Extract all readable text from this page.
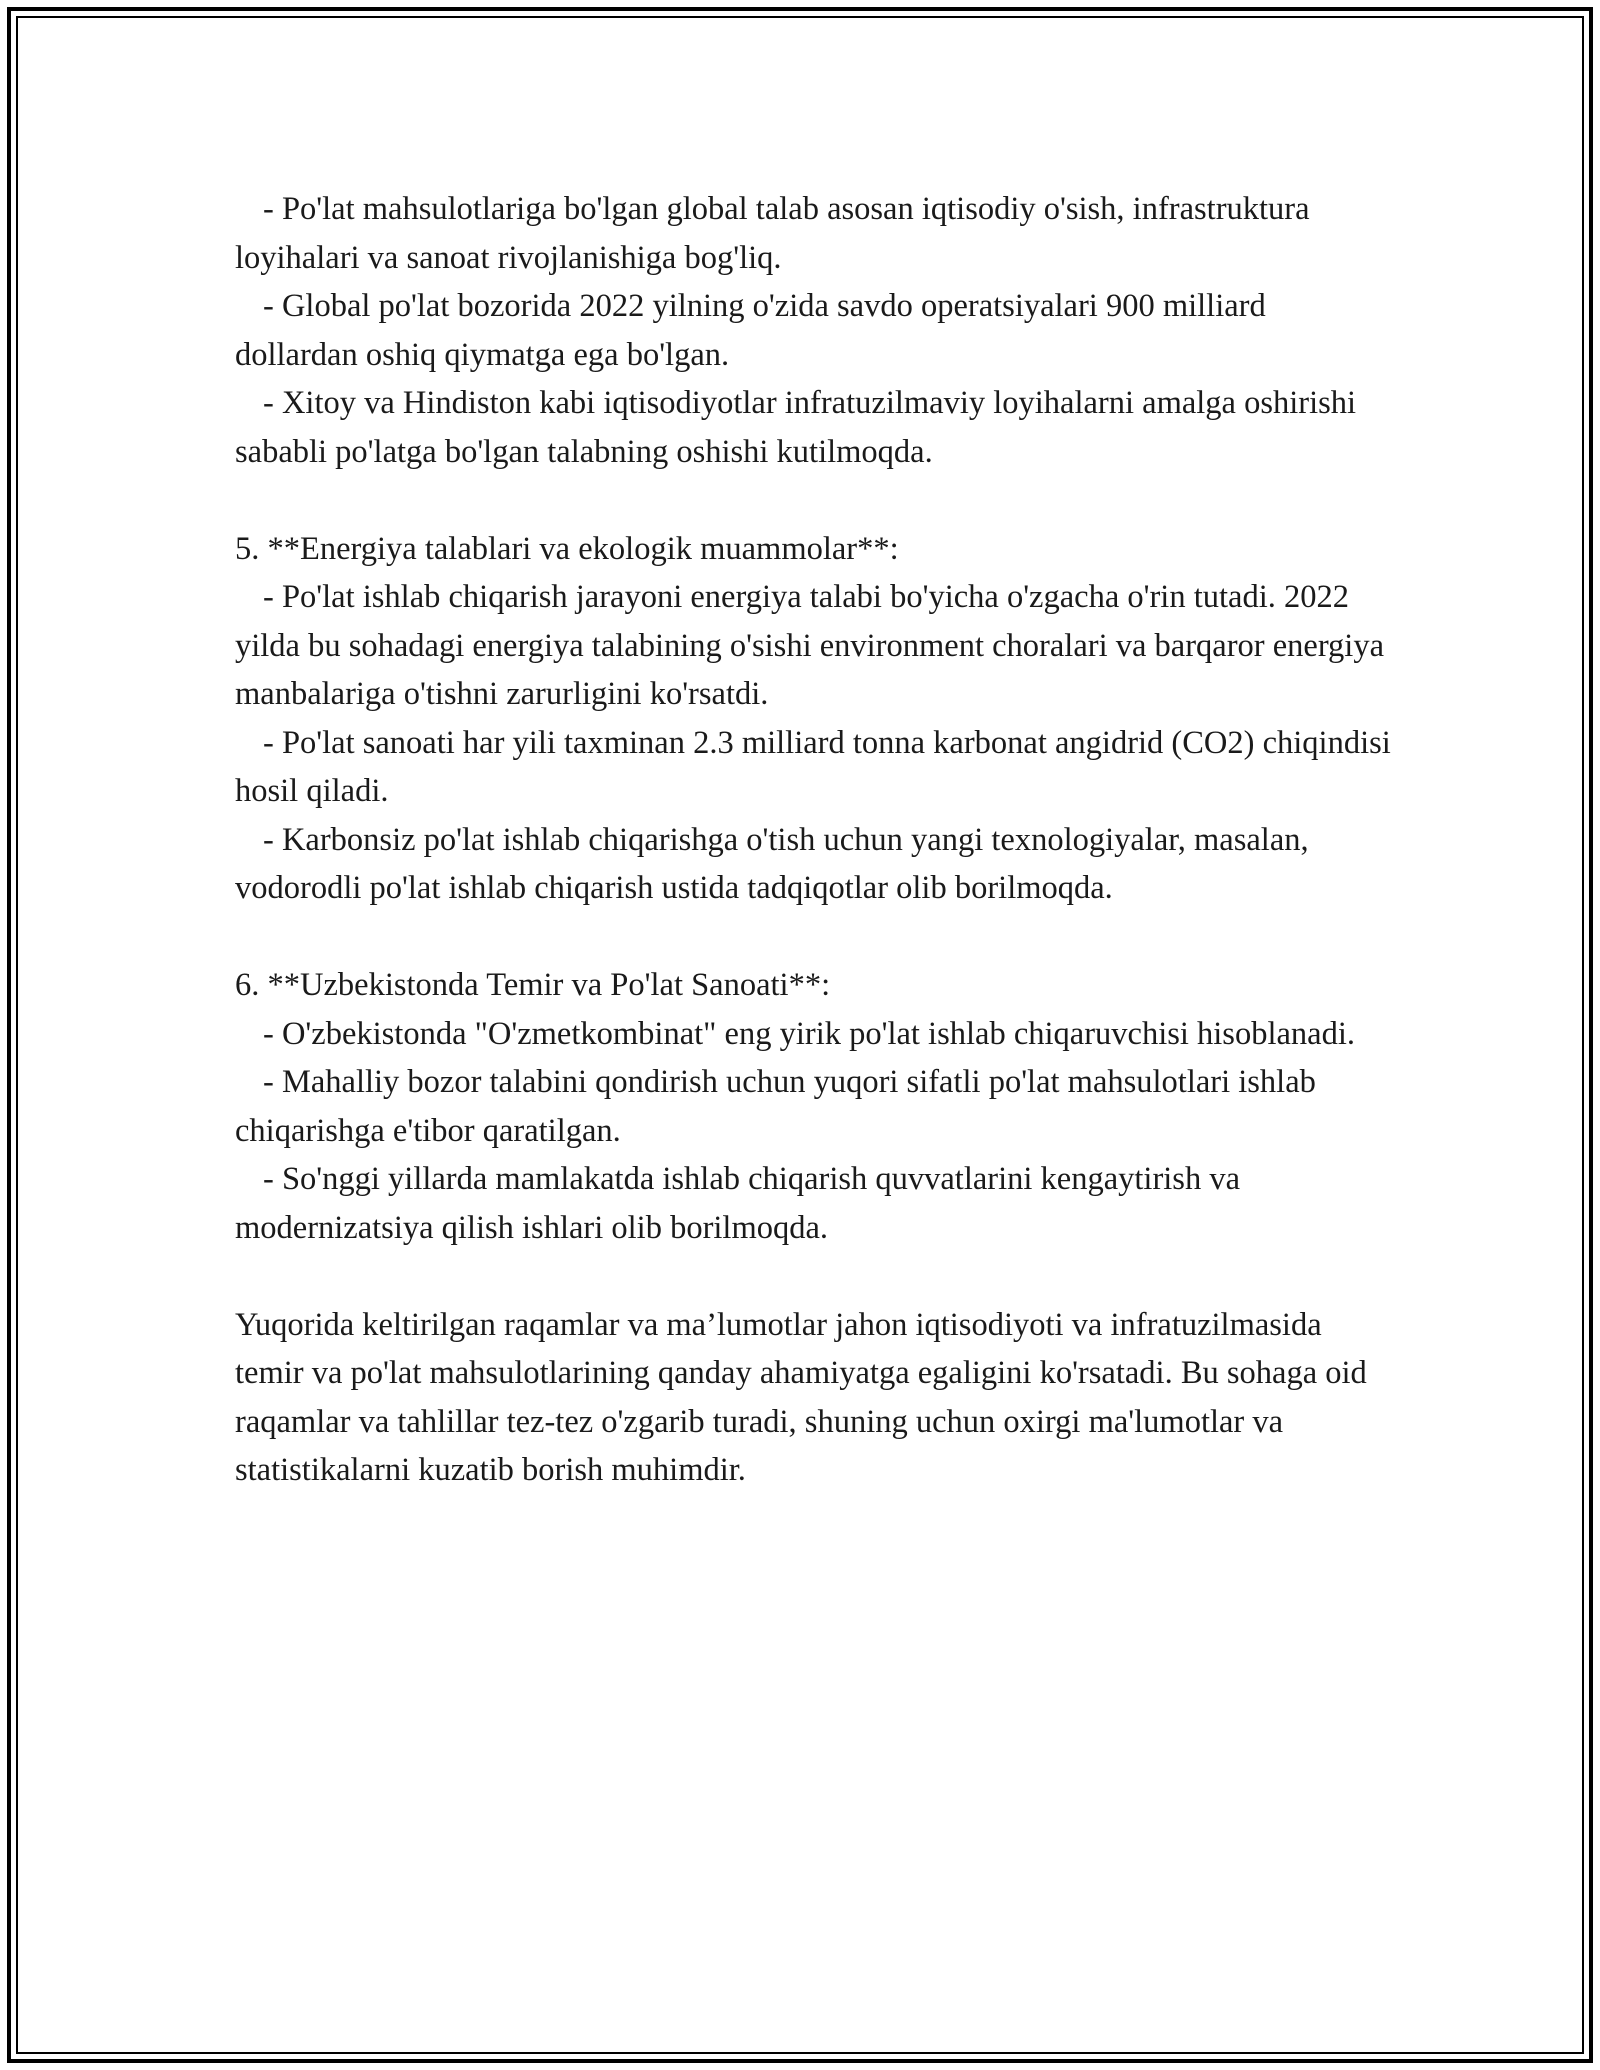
- Po'lat mahsulotlariga bo'lgan global talab asosan iqtisodiy o'sish, infrastruktura loyihalari va sanoat rivojlanishiga bog'liq.

- Global po'lat bozorida 2022 yilning o'zida savdo operatsiyalari 900 milliard dollardan oshiq qiymatga ega bo'lgan.

- Xitoy va Hindiston kabi iqtisodiyotlar infratuzilmaviy loyihalarni amalga oshirishi sababli po'latga bo'lgan talabning oshishi kutilmoqda.

5. **Energiya talablari va ekologik muammolar**:

- Po'lat ishlab chiqarish jarayoni energiya talabi bo'yicha o'zgacha o'rin tutadi. 2022 yilda bu sohadagi energiya talabining o'sishi environment choralari va barqaror energiya manbalariga o'tishni zarurligini ko'rsatdi.

- Po'lat sanoati har yili taxminan 2.3 milliard tonna karbonat angidrid (CO2) chiqindisi hosil qiladi.

- Karbonsiz po'lat ishlab chiqarishga o'tish uchun yangi texnologiyalar, masalan, vodorodli po'lat ishlab chiqarish ustida tadqiqotlar olib borilmoqda.

6. **Uzbekistonda Temir va Po'lat Sanoati**:

- O'zbekistonda "O'zmetkombinat" eng yirik po'lat ishlab chiqaruvchisi hisoblanadi.

- Mahalliy bozor talabini qondirish uchun yuqori sifatli po'lat mahsulotlari ishlab chiqarishga e'tibor qaratilgan.

- So'nggi yillarda mamlakatda ishlab chiqarish quvvatlarini kengaytirish va modernizatsiya qilish ishlari olib borilmoqda.

Yuqorida keltirilgan raqamlar va ma’lumotlar jahon iqtisodiyoti va infratuzilmasida temir va po'lat mahsulotlarining qanday ahamiyatga egaligini ko'rsatadi. Bu sohaga oid raqamlar va tahlillar tez-tez o'zgarib turadi, shuning uchun oxirgi ma'lumotlar va statistikalarni kuzatib borish muhimdir.
